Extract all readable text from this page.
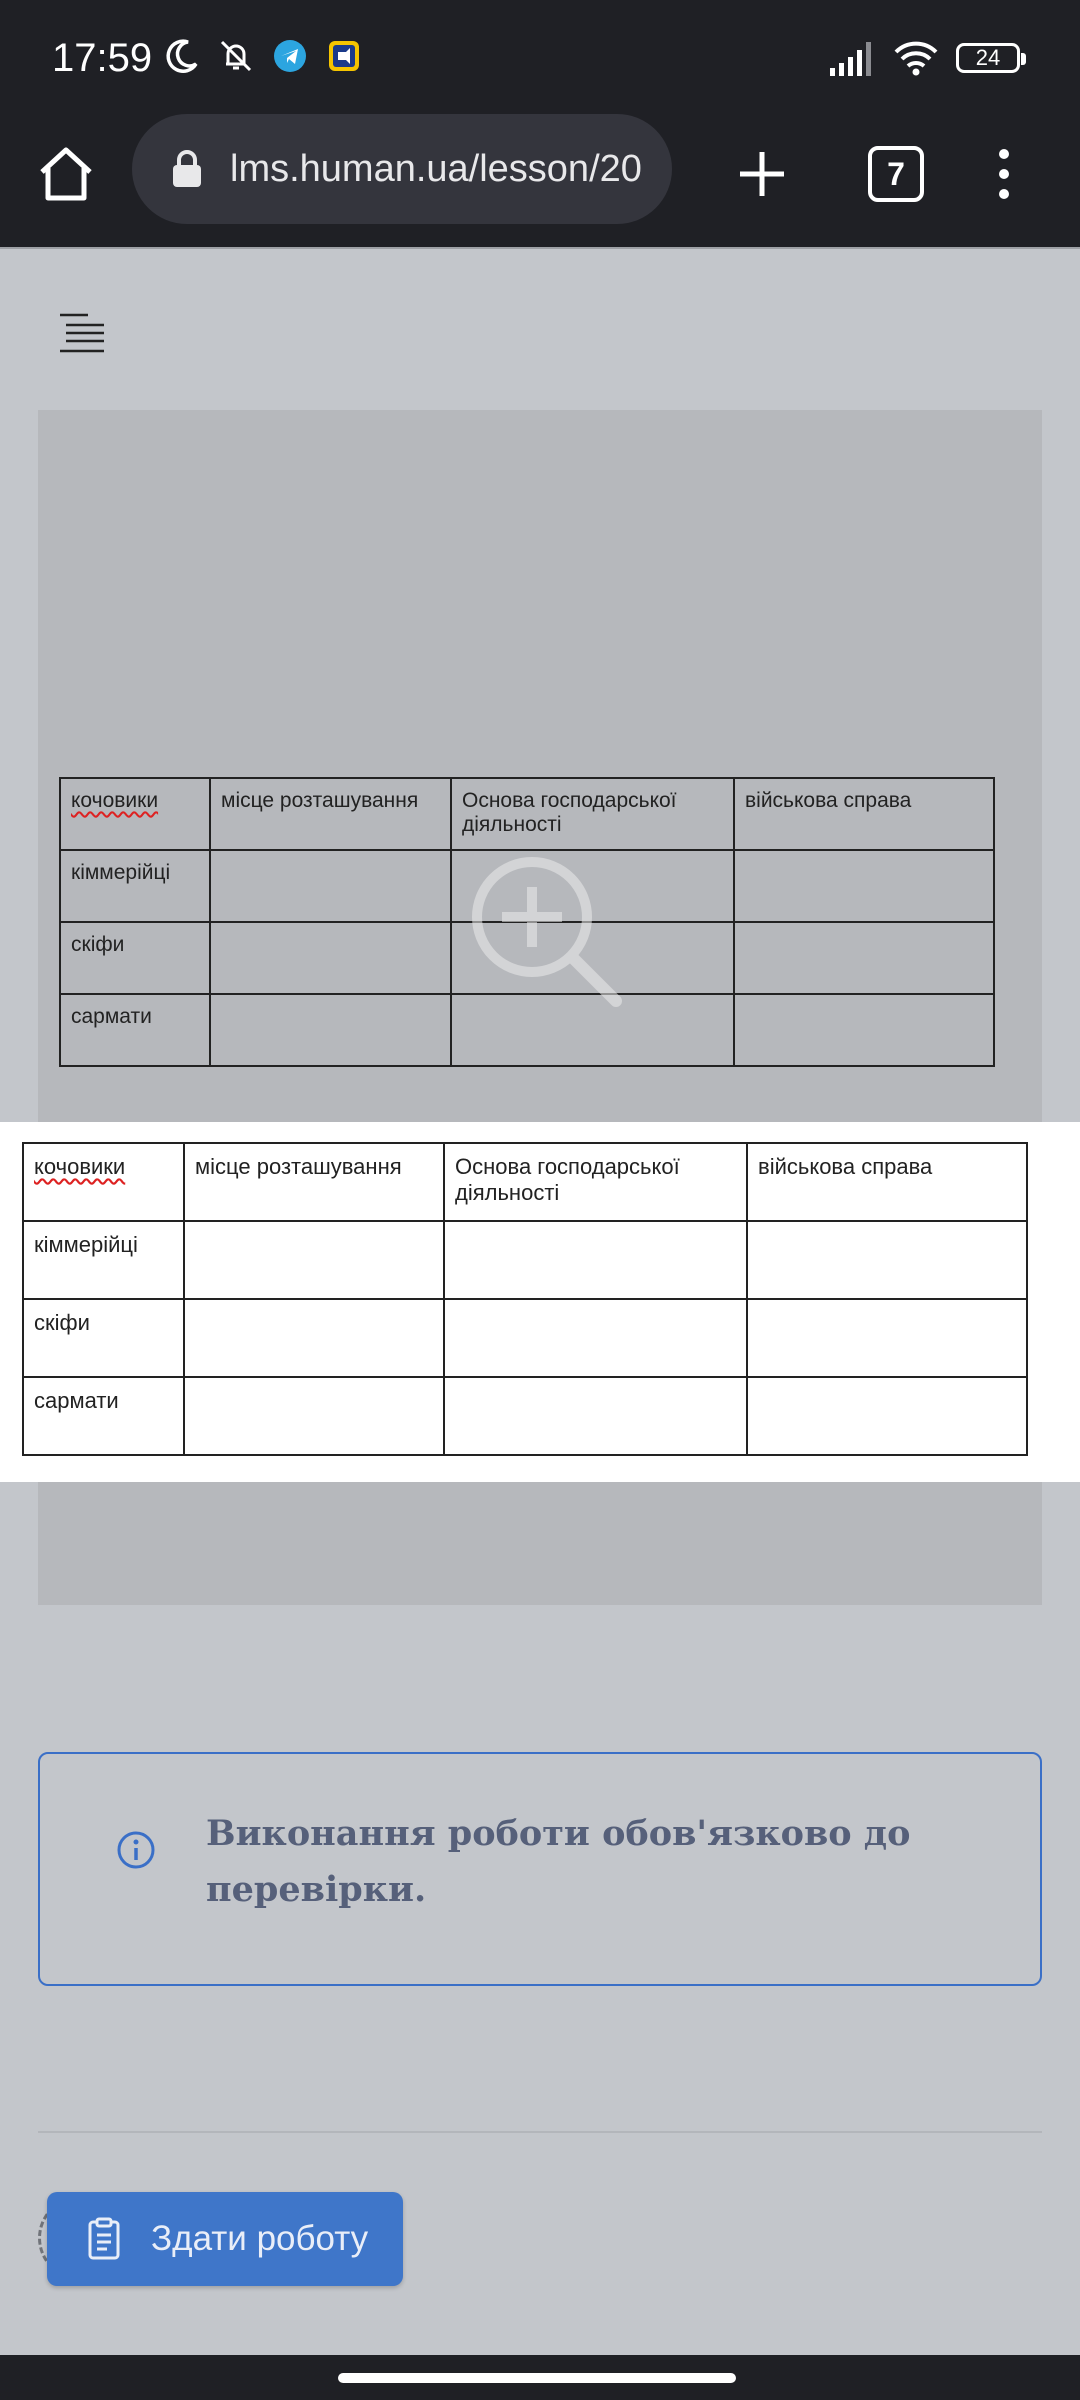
17:59	24
lms.human.ua/lesson/20	7
кочовики	місце розташування	Основа господарської діяльності	військова справа
кіммерійці			
скіфи			
сармати			
кочовики	місце розташування	Основа господарської діяльності	військова справа
кіммерійці			
скіфи			
сармати			
Виконання роботи обов'язково до перевірки.
Здати роботу
